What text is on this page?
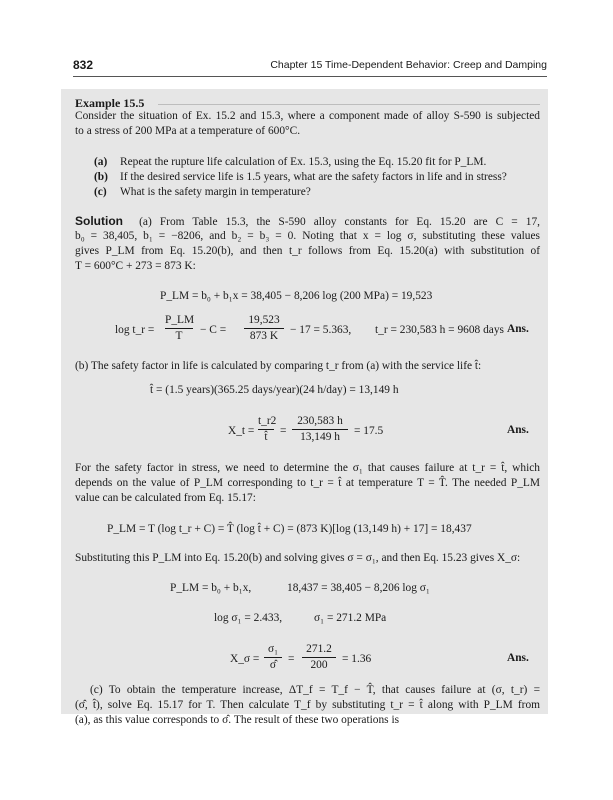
832	Chapter 15 Time-Dependent Behavior: Creep and Damping
Example 15.5
Consider the situation of Ex. 15.2 and 15.3, where a component made of alloy S-590 is subjected
to a stress of 200 MPa at a temperature of 600°C.
(a) Repeat the rupture life calculation of Ex. 15.3, using the Eq. 15.20 fit for P_LM.
(b) If the desired service life is 1.5 years, what are the safety factors in life and in stress?
(c) What is the safety margin in temperature?
Solution (a) From Table 15.3, the S-590 alloy constants for Eq. 15.20 are C = 17,
b₀ = 38,405, b₁ = −8206, and b₂ = b₃ = 0. Noting that x = log σ, substituting these values
gives P_LM from Eq. 15.20(b), and then t_r follows from Eq. 15.20(a) with substitution of
T = 600°C + 273 = 873 K:
P_LM = b₀ + b₁x = 38,405 − 8,206 log (200 MPa) = 19,523
log t_r =
P_LM
T	− C =
19,523
873 K	− 17 = 5.363, t_r = 230,583 h = 9608 days Ans.
(b) The safety factor in life is calculated by comparing t_r from (a) with the service life t̂:
t̂ = (1.5 years)(365.25 days/year)(24 h/day) = 13,149 h
X_t =
t_r2
t̂	=
230,583 h
13,149 h	= 17.5	Ans.
For the safety factor in stress, we need to determine the σ₁ that causes failure at t_r = t̂, which
depends on the value of P_LM corresponding to t_r = t̂ at temperature T = T̂. The needed P_LM
value can be calculated from Eq. 15.17:
P_LM = T (log t_r + C) = T̂ (log t̂ + C) = (873 K)[log (13,149 h) + 17] = 18,437
Substituting this P_LM into Eq. 15.20(b) and solving gives σ = σ₁, and then Eq. 15.23 gives X_σ:
P_LM = b₀ + b₁x,	18,437 = 38,405 − 8,206 log σ₁
log σ₁ = 2.433,	σ₁ = 271.2 MPa
X_σ =
σ₁
σ̂	=
271.2
200	= 1.36	Ans.
(c) To obtain the temperature increase, ΔT_f = T_f − T̂, that causes failure at (σ, t_r) =
(σ̂, t̂), solve Eq. 15.17 for T. Then calculate T_f by substituting t_r = t̂ along with P_LM from
(a), as this value corresponds to σ̂. The result of these two operations is
